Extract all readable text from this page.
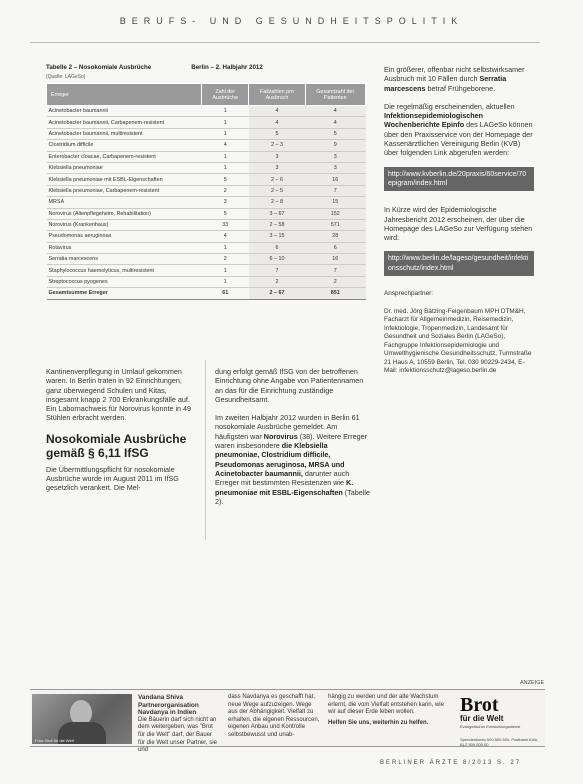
BERUFS- UND GESUNDHEITSPOLITIK
Tabelle 2 – Nosokomiale Ausbrüche	Berlin – 2. Halbjahr 2012
(Quelle: LAGeSo)
Erreger	Zahl der Ausbrüche	Fallzahlen pro Ausbruch	Gesamtzahl der Patienten
Acinetobacter baumannii	1	4	4
Acinetobacter baumannii, Carbapenem-resistent	1	4	4
Acinetobacter baumannii, multiresistent	1	5	5
Clostridium difficile	4	2 – 3	9
Enterobacter cloacae, Carbapenem-resistent	1	3	3
Klebsiella pneumoniae	1	3	3
Klebsiella pneumoniae mit ESBL-Eigenschaften	5	2 – 6	16
Klebsiella pneumoniae, Carbapenem-resistent	2	2 – 5	7
MRSA	3	2 – 8	15
Norovirus (Altenpflegeheim, Rehabilitation)	5	3 – 67	152
Norovirus (Krankenhaus)	33	2 – 58	571
Pseudomonas aeruginosa	4	3 – 15	28
Rotavirus	1	6	6
Serratia marcescens	2	6 – 10	16
Staphylococcus haemolyticus, multiresistent	1	7	7
Streptococcus pyogenes	1	2	2
Gesamtsumme Erreger	61	2 – 67	851

Kantinenverpflegung in Umlauf gekommen waren. In Berlin traten in 92 Einrichtungen, ganz überwiegend Schulen und Kitas, insgesamt knapp 2 700 Erkrankungsfälle auf. Ein Labornachweis für Norovirus konnte in 49 Stühlen erbracht werden.

Nosokomiale Ausbrüche gemäß § 6,11 IfSG

Die Übermittlungspflicht für nosokomiale Ausbrüche wurde im August 2011 im IfSG gesetzlich verankert. Die Mel-

dung erfolgt gemäß IfSG von der betroffenen Einrichtung ohne Angabe von Patientennamen an das für die Einrichtung zuständige Gesundheitsamt.

Im zweiten Halbjahr 2012 wurden in Berlin 61 nosokomiale Ausbrüche gemeldet. Am häufigsten war Norovirus (38). Weitere Erreger waren insbesondere die Klebsiella pneumoniae, Clostridium difficile, Pseudomonas aeruginosa, MRSA und Acinetobacter baumannii, darunter auch Erreger mit bestimmten Resistenzen wie K. pneumoniae mit ESBL-Eigenschaften (Tabelle 2).

Ein größerer, offenbar nicht selbstwirksamer Ausbruch mit 10 Fällen durch Serratia marcescens betraf Frühgeborene.

Die regelmäßig erscheinenden, aktuellen Infektionsepidemiologischen Wochenberichte Epinfo des LAGeSo können über den Praxisservice von der Homepage der Kassenärztlichen Vereinigung Berlin (KVB) über folgenden Link abgerufen werden:

http://www.kvberlin.de/20praxis/60service/70epigram/index.html

In Kürze wird der Epidemiologische Jahresbericht 2012 erscheinen, der über die Homepage des LAGeSo zur Verfügung stehen wird:

http://www.berlin.de/lageso/gesundheit/infektionsschutz/index.html

Ansprechpartner:

Dr. med. Jörg Bätzing-Feigenbaum MPH DTM&H, Facharzt für Allgemeinmedizin, Reisemedizin, Infektiologie, Tropenmedizin, Landesamt für Gesundheit und Soziales Berlin (LAGeSo), Fachgruppe Infektionsepidemiologie und Umwelthygienische Gesundheitsschutz, Turmstraße 21 Haus A, 10559 Berlin, Tel. 030 90229-2434, E-Mail: infektionsschutz@lageso.berlin.de

ANZEIGE
Foto: Brot für die Welt
Vandana Shiva
Partnerorganisation Navdanya in Indien
Die Bäuerin darf sich nicht an dem weitergeben, was "Brot für die Welt" darf, der Bauer für die Welt unser Partner, sie und
dass Navdanya es geschafft hat, neue Wege aufzuzeigen. Wege aus der Abhängigkeit. Vielfalt zu erhalten, die eigenen Ressourcen, eigenen Anbau und Kontrolle selbstbewusst und unab-
hängig zu werden und der alte Wachstum erlernt, die vom Vielfalt entstehen kann, wie wir auf dieser Erde leben wollen.
Helfen Sie uns, weiterhin zu helfen.
Brot
für die Welt
Evangelischer Entwicklungsdienst
Spendenkonto 500 500 500, Postbank Köln, BLZ 500 500 00
BERLINER ÄRZTE 8/2013 S. 27
